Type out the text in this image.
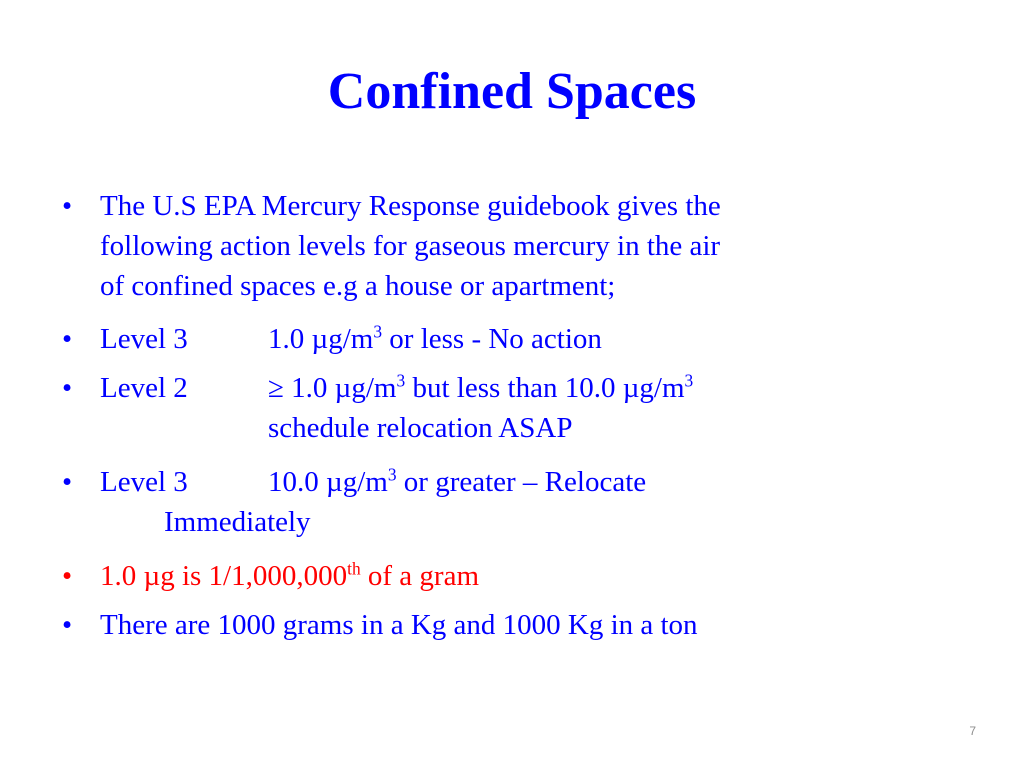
Confined Spaces
• The U.S EPA Mercury Response guidebook gives the
following action levels for gaseous mercury in the air
of confined spaces e.g a house or apartment;
• Level 3	1.0 $\mu g/m^3$ or less - No action
• Level 2	≥ 1.0 $\mu g/m^3$ but less than 10.0 $\mu g/m^3$
schedule relocation ASAP
• Level 3	10.0 $\mu g/m^3$ or greater – Relocate
Immediately
• 1.0 µg is 1/1,000,000th of a gram
• There are 1000 grams in a Kg and 1000 Kg in a ton
7
